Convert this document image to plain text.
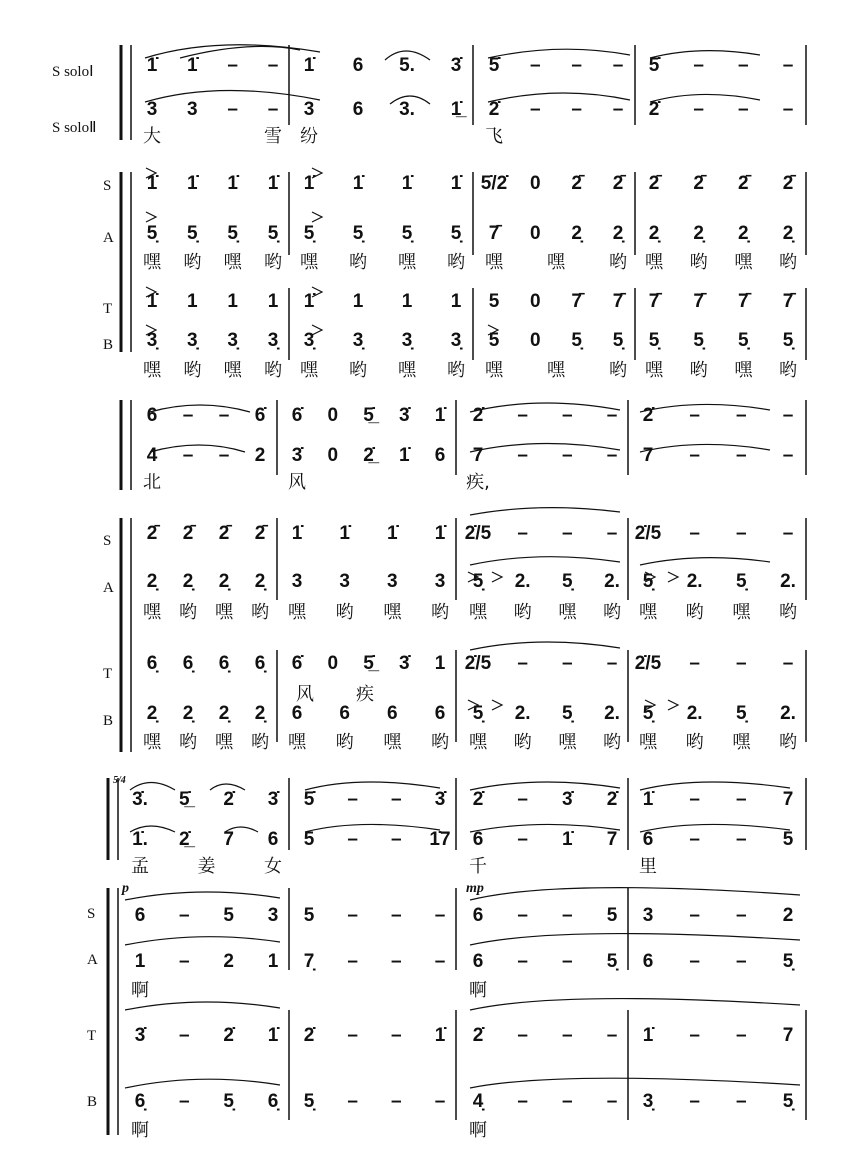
S soloⅠ
S soloⅡ
S
A
T
B
1̇ 1̇ – – 1̇ 6 5. 3̇ 5̇ – – – 5̇ – – –
3 3 – – 3 6 3. 1̲̇ 2̇ – – – 2̇ – – –
大	雪 纷	飞
1̇ 1̇ 1̇ 1̇ 1̇ 1̇ 1̇ 1̇ 5̇/2̇ 0 2̄ 2̄ 2̄ 2̄ 2̄ 2̄
5̣ 5̣ 5̣ 5̣ 5̣ 5̣ 5̣ 5̣ 7̄ 0 2̣ 2̣ 2̣ 2̣ 2̣ 2̣
嘿 哟 嘿 哟 嘿 哟 嘿 哟 嘿 嘿 哟 嘿 哟 嘿 哟
1̇ 1 1 1 1̇ 1 1 1 5 0 7̄ 7̄ 7̄ 7̄ 7̄ 7̄
3̣ 3̣ 3̣ 3̣ 3̣ 3̣ 3̣ 3̣ 5 0 5̣ 5̣ 5̣ 5̣ 5̣ 5̣
嘿 哟 嘿 哟 嘿 哟 嘿 哟 嘿 嘿 哟 嘿 哟 嘿 哟
S
A
T
B
6 – – 6̇ 6̇ 0 5̲̇ 3̇ 1̇ 2̇ – – – 2̇ – – –
4 – – 2 3̇ 0 2̲̇ 1̇ 6 7 – – – 7 – – –
北	风	疾,
2̄ 2̄ 2̄ 2̄ 1̇ 1̇ 1̇ 1̇ 2̇/5 – – – 2̇/5 – – –
2̣ 2̣ 2̣ 2̣ 3 3 3 3 5̣ 2. 5̣ 2. 5̣ 2. 5̣ 2.
嘿 哟 嘿 哟 嘿 哟 嘿 哟 嘿 哟 嘿 哟 嘿 哟 嘿 哟
6̣ 6̣ 6̣ 6̣ 6̇ 0 5̲̇ 3̇ 1 2̇/5 – – – 2̇/5 – – –
2̣ 2̣ 2̣ 2̣ 6 6 6 6 5̣ 2. 5̣ 2. 5̣ 2. 5̣ 2.
嘿 哟 嘿 哟 嘿 哟 嘿 哟 嘿 哟 嘿 哟 嘿 哟 嘿 哟
风 疾
S
A
T
B
5/4
p	mp
3̇. 5̲̇ 2̇ 3̇ 5̇ – – 3̇ 2̇ – 3̇ 2̇ 1̇ – – 7
1̇. 2̲̇ 7 6 5 – – 1̇7 6 – 1̇ 7 6 – – 5
孟	姜	女	千	里
6 – 5 3 5 – – – 6 – – 5 3 – – 2
1 – 2 1 7̣ – – – 6 – – 5̣ 6 – – 5̣
啊	啊
3̇ – 2̇ 1̇ 2̇ – – 1̇ 2̇ – – – 1̇ – – 7
6̣ – 5̣ 6̣ 5̣ – – – 4̣ – – – 3̣ – – 5̣
啊	啊
